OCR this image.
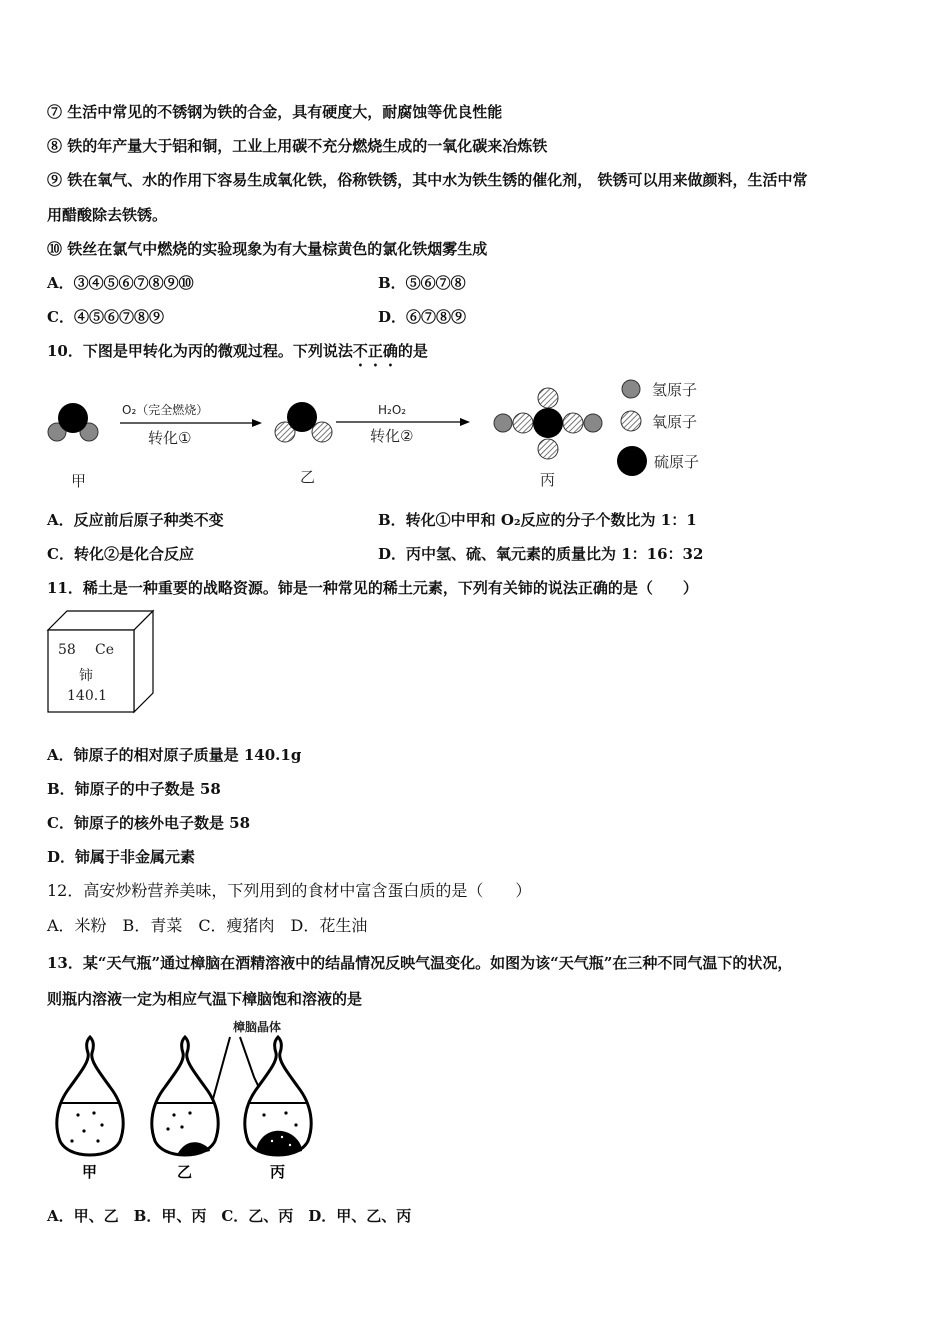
⑦ 生活中常见的不锈钢为铁的合金，具有硬度大，耐腐蚀等优良性能
⑧ 铁的年产量大于铝和铜，工业上用碳不充分燃烧生成的一氧化碳来冶炼铁
⑨ 铁在氧气、水的作用下容易生成氧化铁，俗称铁锈，其中水为铁生锈的催化剂， 铁锈可以用来做颜料，生活中常
用醋酸除去铁锈。
⑩ 铁丝在氯气中燃烧的实验现象为有大量棕黄色的氯化铁烟雾生成
A．③④⑤⑥⑦⑧⑨⑩	B．⑤⑥⑦⑧
C．④⑤⑥⑦⑧⑨	D．⑥⑦⑧⑨
10．下图是甲转化为丙的微观过程。下列说法不正确的是
甲
O₂（完全燃烧）
转化①
乙
H₂O₂
转化②
丙
氢原子
氧原子
硫原子
A．反应前后原子种类不变	B．转化①中甲和 O₂反应的分子个数比为 1：1
C．转化②是化合反应	D．丙中氢、硫、氧元素的质量比为 1：16：32
11．稀土是一种重要的战略资源。铈是一种常见的稀土元素，下列有关铈的说法正确的是（　　）
58 Ce
铈
140.1
A．铈原子的相对原子质量是 140.1g
B．铈原子的中子数是 58
C．铈原子的核外电子数是 58
D．铈属于非金属元素
12．高安炒粉营养美味，下列用到的食材中富含蛋白质的是（　　）
A．米粉　B．青菜　C．瘦猪肉　D．花生油
13．某“天气瓶”通过樟脑在酒精溶液中的结晶情况反映气温变化。如图为该“天气瓶”在三种不同气温下的状况，
则瓶内溶液一定为相应气温下樟脑饱和溶液的是
樟脑晶体
甲	乙	丙
A．甲、乙　B．甲、丙　C．乙、丙　D．甲、乙、丙
